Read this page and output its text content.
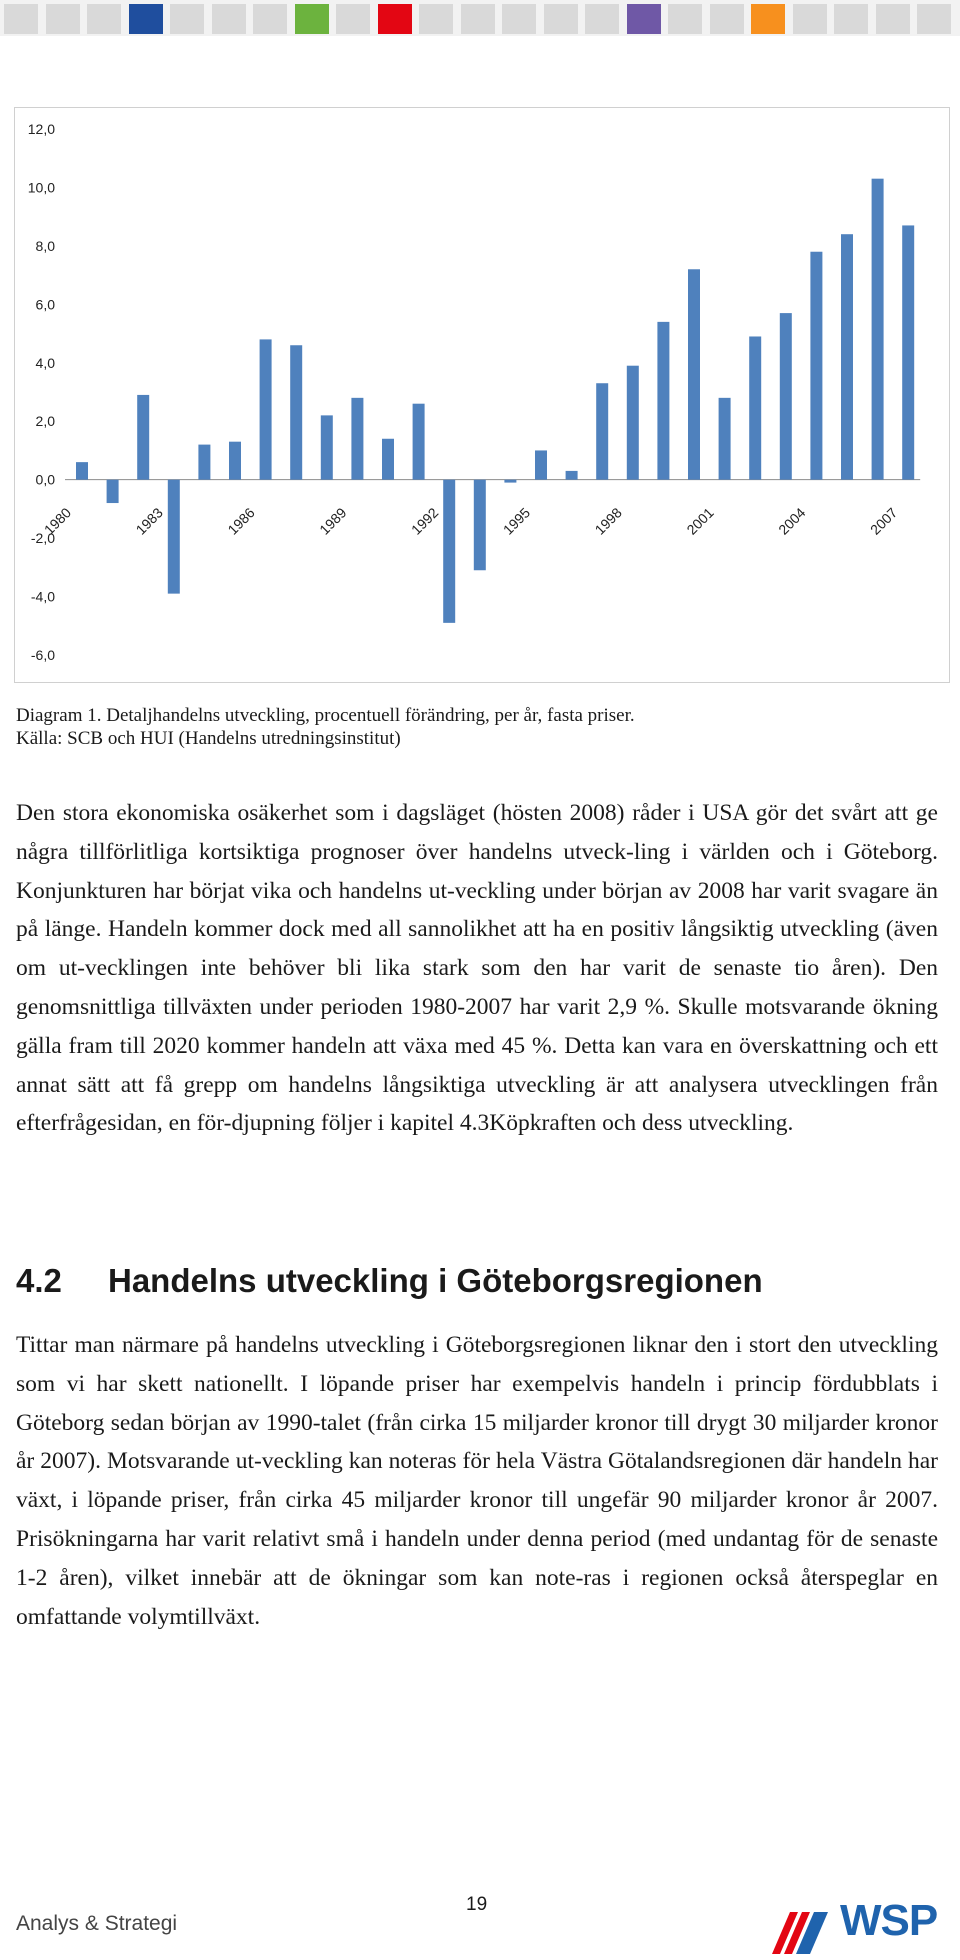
12,0
10,0
8,0
6,0
4,0
2,0
0,0
-2,0
-4,0
-6,0
1980	1983	1986	1989	1992	1995	1998	2001	2004	2007
Diagram 1. Detaljhandelns utveckling, procentuell förändring, per år, fasta priser.
Källa: SCB och HUI (Handelns utredningsinstitut)

Den stora ekonomiska osäkerhet som i dagsläget (hösten 2008) råder i USA gör det svårt att ge några tillförlitliga kortsiktiga prognoser över handelns utveck-ling i världen och i Göteborg. Konjunkturen har börjat vika och handelns ut-veckling under början av 2008 har varit svagare än på länge. Handeln kommer dock med all sannolikhet att ha en positiv långsiktig utveckling (även om ut-vecklingen inte behöver bli lika stark som den har varit de senaste tio åren). Den genomsnittliga tillväxten under perioden 1980-2007 har varit 2,9 %. Skulle motsvarande ökning gälla fram till 2020 kommer handeln att växa med 45 %. Detta kan vara en överskattning och ett annat sätt att få grepp om handelns långsiktiga utveckling är att analysera utvecklingen från efterfrågesidan, en för-djupning följer i kapitel 4.3Köpkraften och dess utveckling.

4.2 Handelns utveckling i Göteborgsregionen

Tittar man närmare på handelns utveckling i Göteborgsregionen liknar den i stort den utveckling som vi har skett nationellt. I löpande priser har exempelvis handeln i princip fördubblats i Göteborg sedan början av 1990-talet (från cirka 15 miljarder kronor till drygt 30 miljarder kronor år 2007). Motsvarande ut-veckling kan noteras för hela Västra Götalandsregionen där handeln har växt, i löpande priser, från cirka 45 miljarder kronor till ungefär 90 miljarder kronor år 2007. Prisökningarna har varit relativt små i handeln under denna period (med undantag för de senaste 1-2 åren), vilket innebär att de ökningar som kan note-ras i regionen också återspeglar en omfattande volymtillväxt.

19
Analys & Strategi	WSP
